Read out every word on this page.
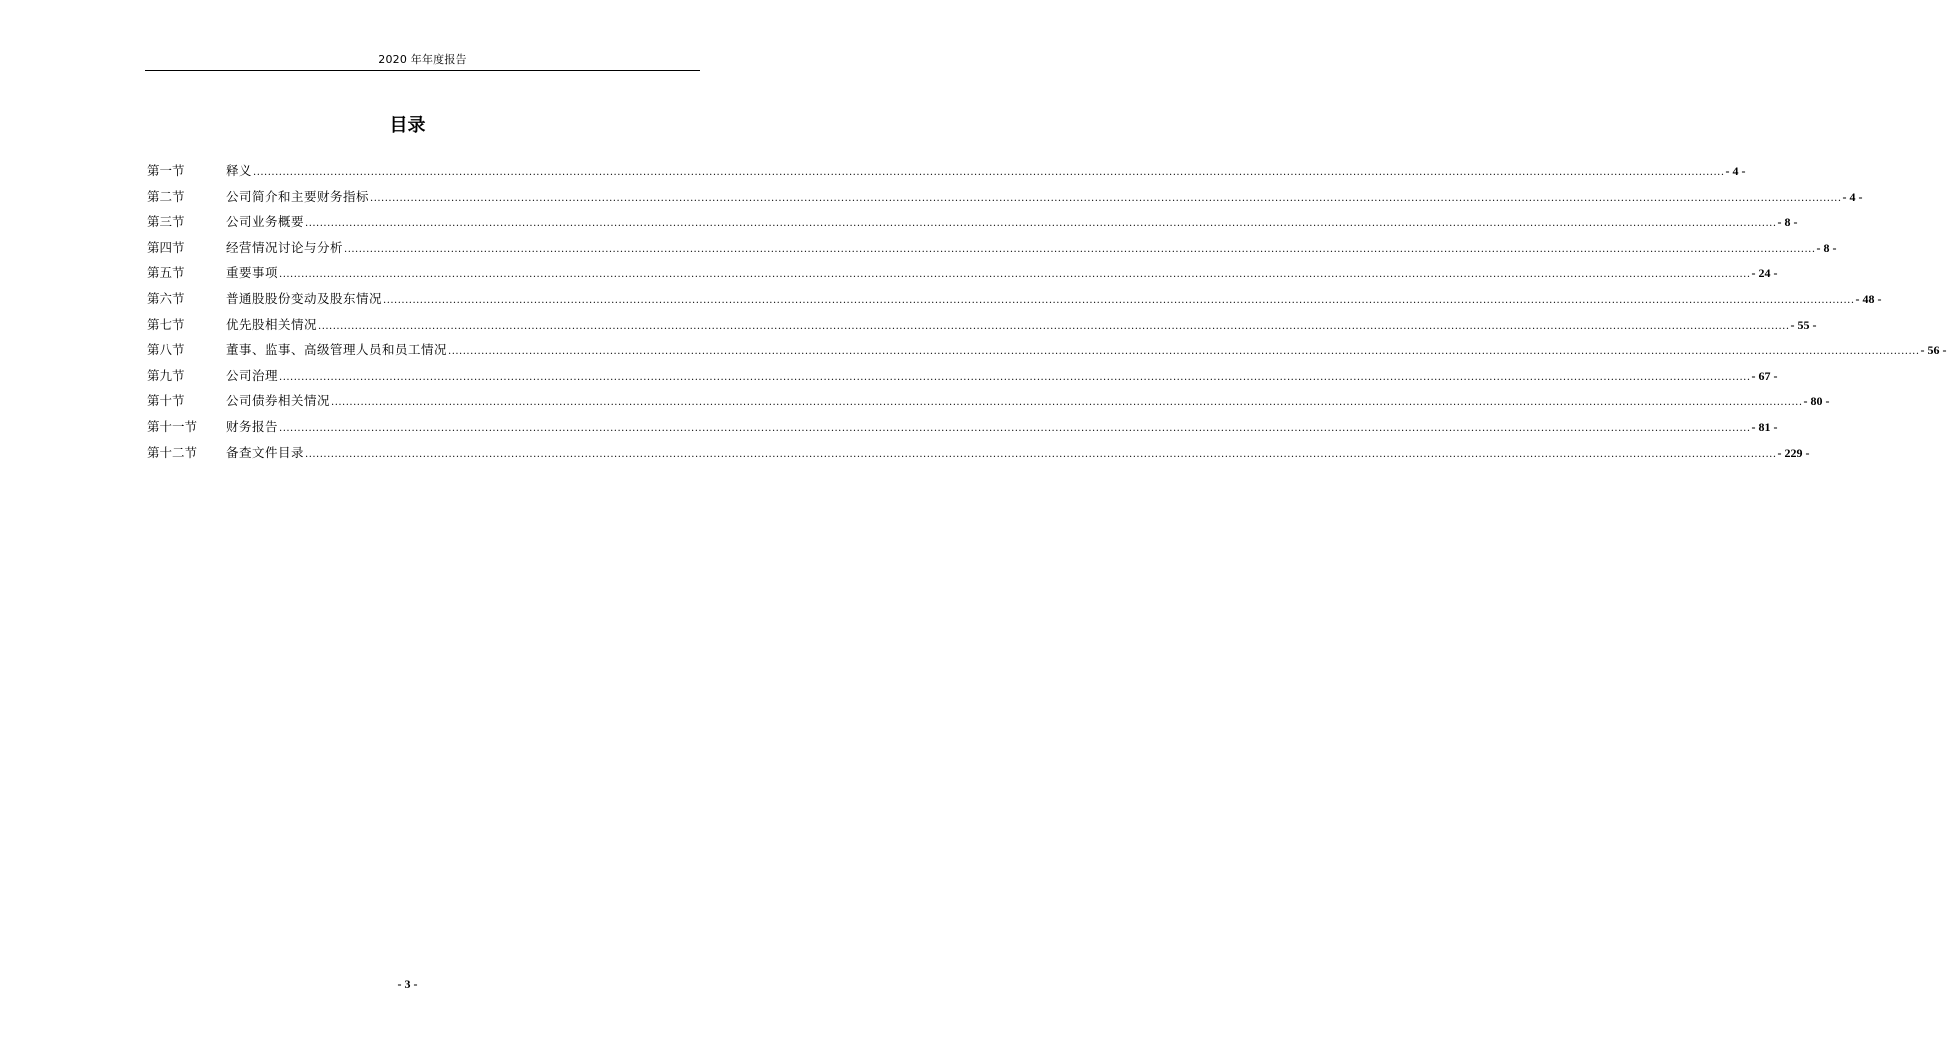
2020 年年度报告
目录
第一节	释义 ................................................................................................................................................................................................................................................................................................................................................................................................................ - 4 -
第二节	公司简介和主要财务指标 ................................................................................................................................................................................................................................................................................................................................................................................................................ - 4 -
第三节	公司业务概要 ................................................................................................................................................................................................................................................................................................................................................................................................................ - 8 -
第四节	经营情况讨论与分析 ................................................................................................................................................................................................................................................................................................................................................................................................................ - 8 -
第五节	重要事项 ................................................................................................................................................................................................................................................................................................................................................................................................................ - 24 -
第六节	普通股股份变动及股东情况 ................................................................................................................................................................................................................................................................................................................................................................................................................ - 48 -
第七节	优先股相关情况 ................................................................................................................................................................................................................................................................................................................................................................................................................ - 55 -
第八节	董事、监事、高级管理人员和员工情况 ................................................................................................................................................................................................................................................................................................................................................................................................................ - 56 -
第九节	公司治理 ................................................................................................................................................................................................................................................................................................................................................................................................................ - 67 -
第十节	公司债券相关情况 ................................................................................................................................................................................................................................................................................................................................................................................................................ - 80 -
第十一节	财务报告 ................................................................................................................................................................................................................................................................................................................................................................................................................ - 81 -
第十二节	备查文件目录 ................................................................................................................................................................................................................................................................................................................................................................................................................ - 229 -
- 3 -
